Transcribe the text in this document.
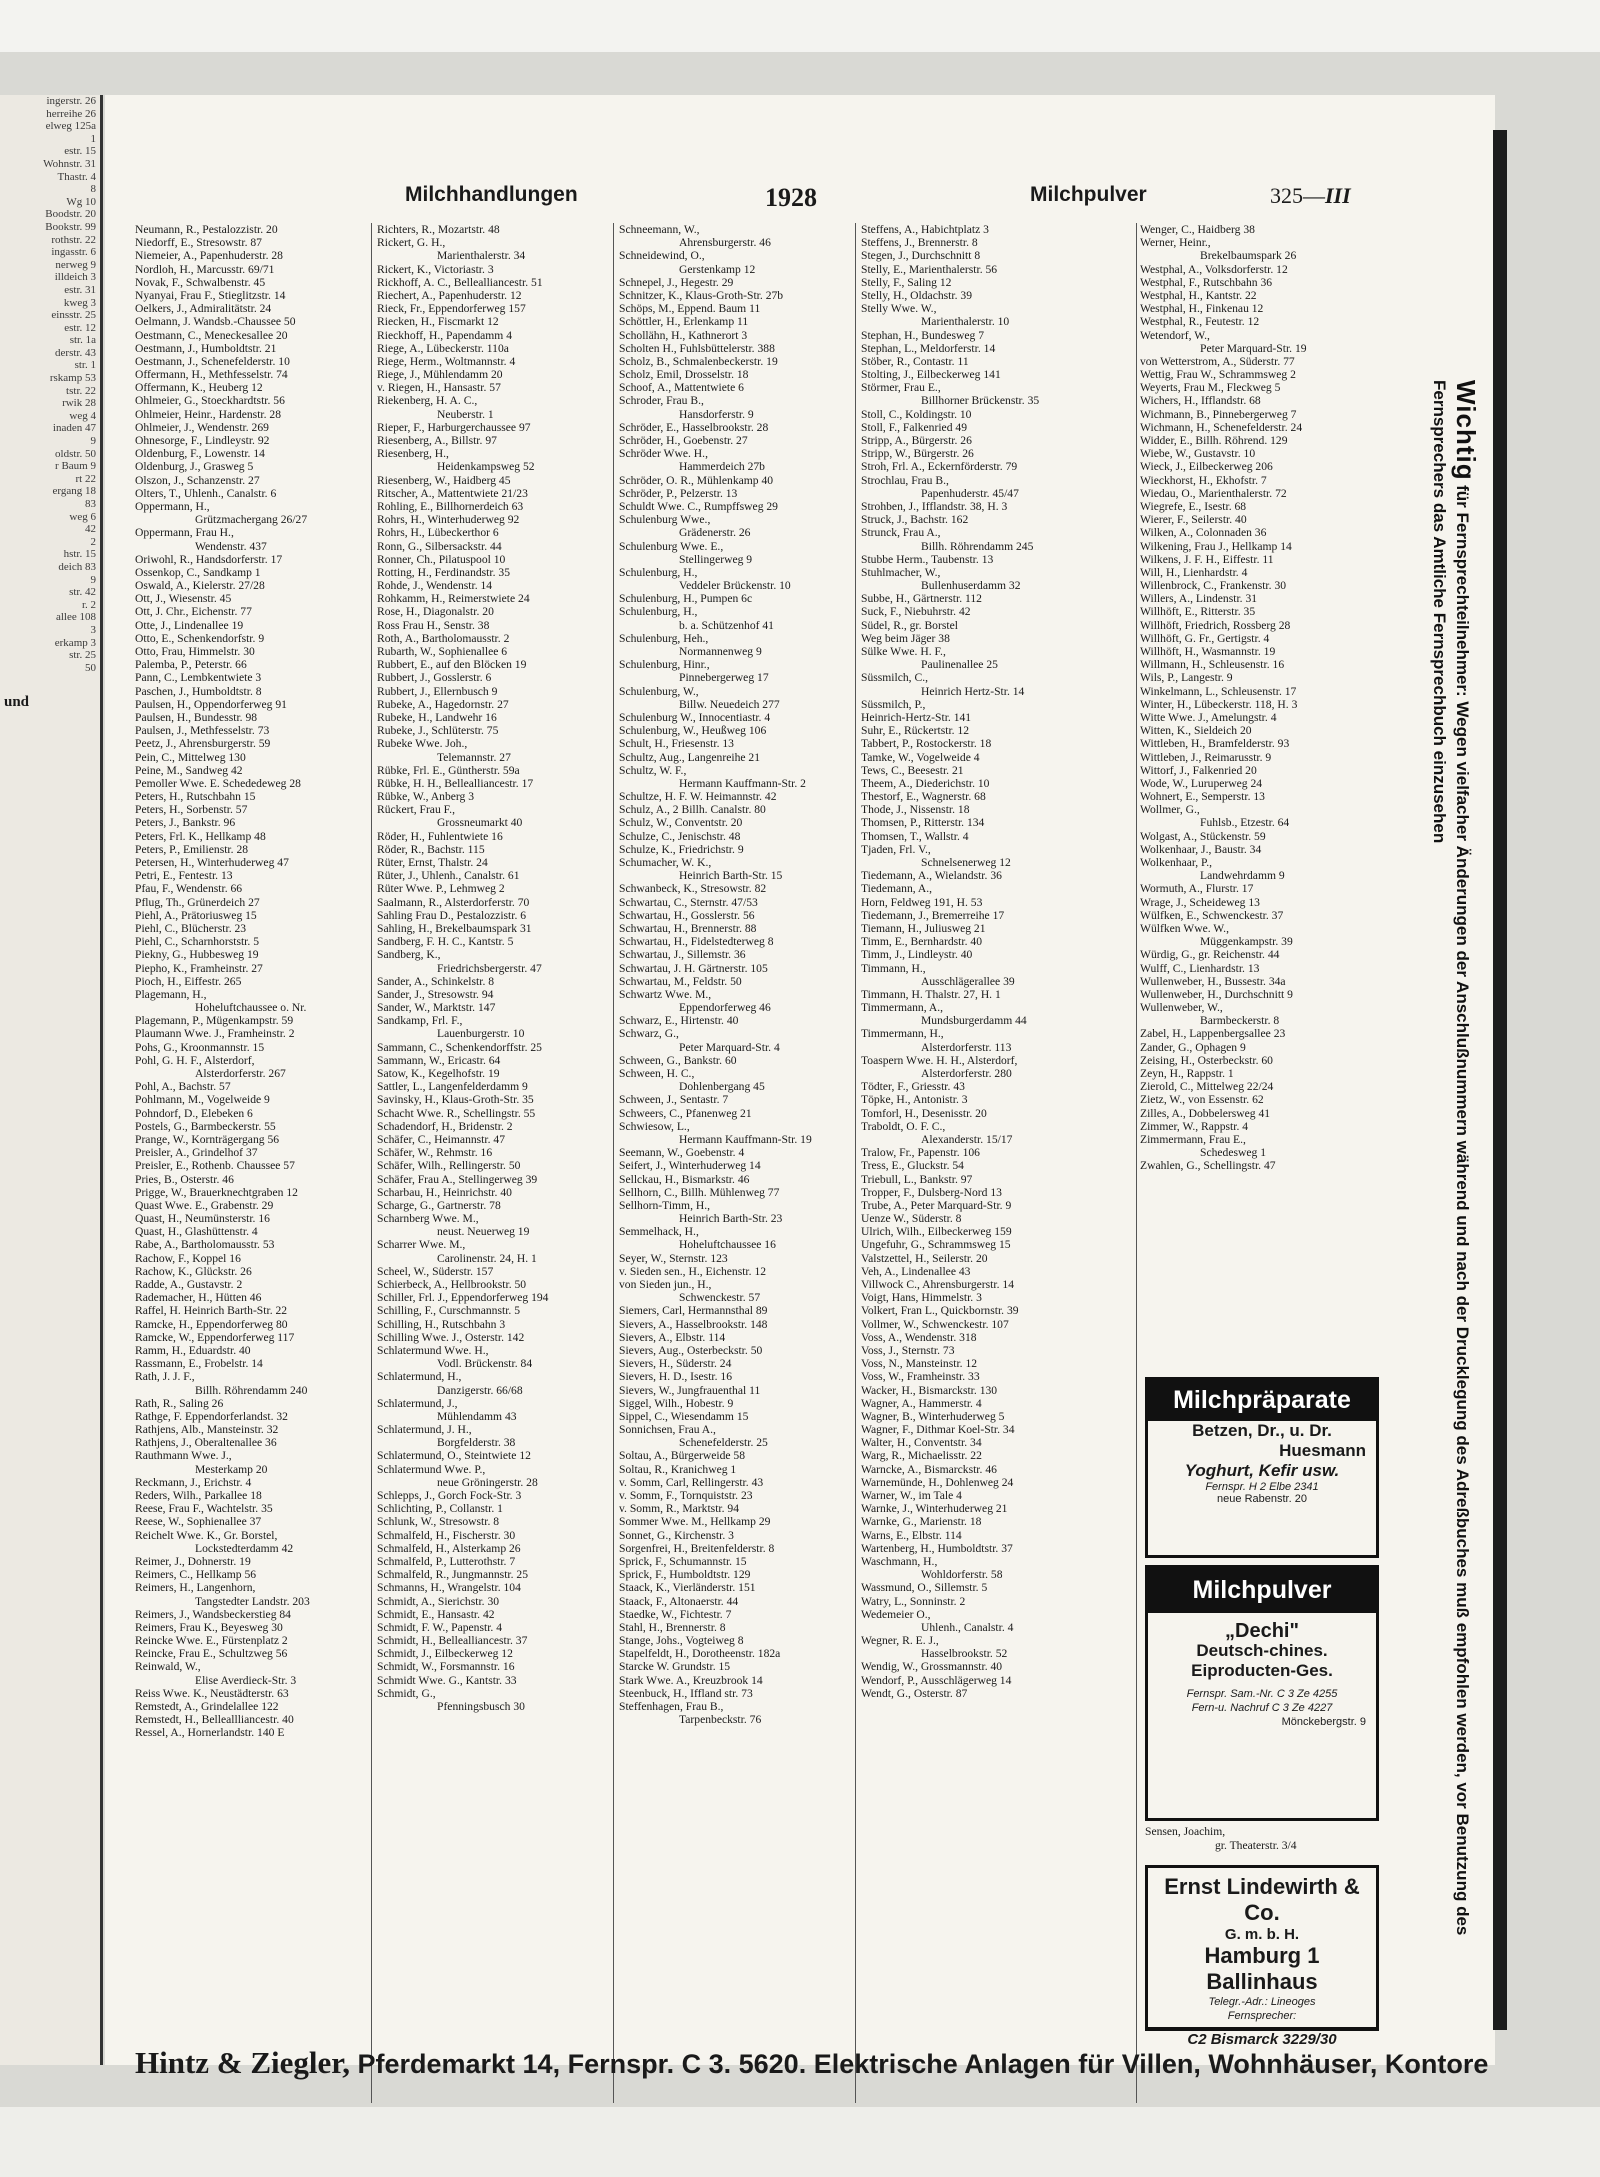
ingerstr. 26
herreihe 26
elweg 125a
1
estr. 15
Wohnstr. 31
Thastr. 4
8
Wg 10
Boodstr. 20
Bookstr. 99
rothstr. 22
ingasstr. 6
nerweg 9
illdeich 3
estr. 31
kweg 3
einsstr. 25
estr. 12
str. 1a
derstr. 43
str. 1
rskamp 53
tstr. 22
rwik 28
weg 4
inaden 47
9
oldstr. 50
r Baum 9
rt 22
ergang 18
83
weg 6
42
2
hstr. 15
deich 83
9
str. 42
r. 2
allee 108
3
erkamp 3
str. 25
50
und
Milchhandlungen	1928	Milchpulver	325—III
Neumann, R., Pestalozzistr. 20
Niedorff, E., Stresowstr. 87
Niemeier, A., Papenhuderstr. 28
Nordloh, H., Marcusstr. 69/71
Novak, F., Schwalbenstr. 45
Nyanyai, Frau F., Stieglitzstr. 14
Oelkers, J., Admiralitätstr. 24
Oelmann, J. Wandsb.-Chaussee 50
Oestmann, C., Meneckesallee 20
Oestmann, J., Humboldtstr. 21
Oestmann, J., Schenefelderstr. 10
Offermann, H., Methfesselstr. 74
Offermann, K., Heuberg 12
Ohlmeier, G., Stoeckhardtstr. 56
Ohlmeier, Heinr., Hardenstr. 28
Ohlmeier, J., Wendenstr. 269
Ohnesorge, F., Lindleystr. 92
Oldenburg, F., Lowenstr. 14
Oldenburg, J., Grasweg 5
Olszon, J., Schanzenstr. 27
Olters, T., Uhlenh., Canalstr. 6
Oppermann, H.,
Grützmachergang 26/27
Oppermann, Frau H.,
Wendenstr. 437
Oriwohl, R., Handsdorferstr. 17
Ossenkop, C., Sandkamp 1
Oswald, A., Kielerstr. 27/28
Ott, J., Wiesenstr. 45
Ott, J. Chr., Eichenstr. 77
Otte, J., Lindenallee 19
Otto, E., Schenkendorfstr. 9
Otto, Frau, Himmelstr. 30
Palemba, P., Peterstr. 66
Pann, C., Lembkentwiete 3
Paschen, J., Humboldtstr. 8
Paulsen, H., Oppendorferweg 91
Paulsen, H., Bundesstr. 98
Paulsen, J., Methfesselstr. 73
Peetz, J., Ahrensburgerstr. 59
Pein, C., Mittelweg 130
Peine, M., Sandweg 42
Pemoller Wwe. E. Schededeweg 28
Peters, H., Rutschbahn 15
Peters, H., Sorbenstr. 57
Peters, J., Bankstr. 96
Peters, Frl. K., Hellkamp 48
Peters, P., Emilienstr. 28
Petersen, H., Winterhuderweg 47
Petri, E., Fentestr. 13
Pfau, F., Wendenstr. 66
Pflug, Th., Grünerdeich 27
Piehl, A., Prätoriusweg 15
Piehl, C., Blücherstr. 23
Piehl, C., Scharnhorststr. 5
Piekny, G., Hubbesweg 19
Piepho, K., Framheinstr. 27
Pioch, H., Eiffestr. 265
Plagemann, H.,
Hoheluftchaussee o. Nr.
Plagemann, P., Mügenkampstr. 59
Plaumann Wwe. J., Framheinstr. 2
Pohs, G., Kroonmannstr. 15
Pohl, G. H. F., Alsterdorf,
Alsterdorferstr. 267
Pohl, A., Bachstr. 57
Pohlmann, M., Vogelweide 9
Pohndorf, D., Elebeken 6
Postels, G., Barmbeckerstr. 55
Prange, W., Kornträgergang 56
Preisler, A., Grindelhof 37
Preisler, E., Rothenb. Chaussee 57
Pries, B., Osterstr. 46
Prigge, W., Brauerknechtgraben 12
Quast Wwe. E., Grabenstr. 29
Quast, H., Neumünsterstr. 16
Quast, H., Glashüttenstr. 4
Rabe, A., Bartholomausstr. 53
Rachow, F., Koppel 16
Rachow, K., Glückstr. 26
Radde, A., Gustavstr. 2
Rademacher, H., Hütten 46
Raffel, H. Heinrich Barth-Str. 22
Ramcke, H., Eppendorferweg 80
Ramcke, W., Eppendorferweg 117
Ramm, H., Eduardstr. 40
Rassmann, E., Frobelstr. 14
Rath, J. J. F.,
Billh. Röhrendamm 240
Rath, R., Saling 26
Rathge, F. Eppendorferlandst. 32
Rathjens, Alb., Mansteinstr. 32
Rathjens, J., Oberaltenallee 36
Rauthmann Wwe. J.,
Mesterkamp 20
Reckmann, J., Erichstr. 4
Reders, Wilh., Parkallee 18
Reese, Frau F., Wachtelstr. 35
Reese, W., Sophienallee 37
Reichelt Wwe. K., Gr. Borstel,
Lockstedterdamm 42
Reimer, J., Dohnerstr. 19
Reimers, C., Hellkamp 56
Reimers, H., Langenhorn,
Tangstedter Landstr. 203
Reimers, J., Wandsbeckerstieg 84
Reimers, Frau K., Beyesweg 30
Reincke Wwe. E., Fürstenplatz 2
Reincke, Frau E., Schultzweg 56
Reinwald, W.,
Elise Averdieck-Str. 3
Reiss Wwe. K., Neustädterstr. 63
Remstedt, A., Grindelallee 122
Remstedt, H., Belleallliancestr. 40
Ressel, A., Hornerlandstr. 140 E
Richters, R., Mozartstr. 48
Rickert, G. H.,
Marienthalerstr. 34
Rickert, K., Victoriastr. 3
Rickhoff, A. C., Bellealliancestr. 51
Riechert, A., Papenhuderstr. 12
Rieck, Fr., Eppendorferweg 157
Riecken, H., Fiscmarkt 12
Rieckhoff, H., Papendamm 4
Riege, A., Lübeckerstr. 110a
Riege, Herm., Woltmannstr. 4
Riege, J., Mühlendamm 20
v. Riegen, H., Hansastr. 57
Riekenberg, H. A. C.,
Neuberstr. 1
Rieper, F., Harburgerchaussee 97
Riesenberg, A., Billstr. 97
Riesenberg, H.,
Heidenkampsweg 52
Riesenberg, W., Haidberg 45
Ritscher, A., Mattentwiete 21/23
Rohling, E., Billhornerdeich 63
Rohrs, H., Winterhuderweg 92
Rohrs, H., Lübeckerthor 6
Ronn, G., Silbersackstr. 44
Ronner, Ch., Pilatuspool 10
Rotting, H., Ferdinandstr. 35
Rohde, J., Wendenstr. 14
Rohkamm, H., Reimerstwiete 24
Rose, H., Diagonalstr. 20
Ross Frau H., Senstr. 38
Roth, A., Bartholomausstr. 2
Rubarth, W., Sophienallee 6
Rubbert, E., auf den Blöcken 19
Rubbert, J., Gosslerstr. 6
Rubbert, J., Ellernbusch 9
Rubeke, A., Hagedornstr. 27
Rubeke, H., Landwehr 16
Rubeke, J., Schlüterstr. 75
Rubeke Wwe. Joh.,
Telemannstr. 27
Rübke, Frl. E., Güntherstr. 59a
Rübke, H. H., Bellealliancestr. 17
Rübke, W., Anberg 3
Rückert, Frau F.,
Grossneumarkt 40
Röder, H., Fuhlentwiete 16
Röder, R., Bachstr. 115
Rüter, Ernst, Thalstr. 24
Rüter, J., Uhlenh., Canalstr. 61
Rüter Wwe. P., Lehmweg 2
Saalmann, R., Alsterdorferstr. 70
Sahling Frau D., Pestalozzistr. 6
Sahling, H., Brekelbaumspark 31
Sandberg, F. H. C., Kantstr. 5
Sandberg, K.,
Friedrichsbergerstr. 47
Sander, A., Schinkelstr. 8
Sander, J., Stresowstr. 94
Sander, W., Marktstr. 147
Sandkamp, Frl. F.,
Lauenburgerstr. 10
Sammann, C., Schenkendorffstr. 25
Sammann, W., Ericastr. 64
Satow, K., Kegelhofstr. 19
Sattler, L., Langenfelderdamm 9
Savinsky, H., Klaus-Groth-Str. 35
Schacht Wwe. R., Schellingstr. 55
Schadendorf, H., Bridenstr. 2
Schäfer, C., Heimannstr. 47
Schäfer, W., Rehmstr. 16
Schäfer, Wilh., Rellingerstr. 50
Schäfer, Frau A., Stellingerweg 39
Scharbau, H., Heinrichstr. 40
Scharge, G., Gartnerstr. 78
Scharnberg Wwe. M.,
neust. Neuerweg 19
Scharrer Wwe. M.,
Carolinenstr. 24, H. 1
Scheel, W., Süderstr. 157
Schierbeck, A., Hellbrookstr. 50
Schiller, Frl. J., Eppendorferweg 194
Schilling, F., Curschmannstr. 5
Schilling, H., Rutschbahn 3
Schilling Wwe. J., Osterstr. 142
Schlatermund Wwe. H.,
Vodl. Brückenstr. 84
Schlatermund, H.,
Danzigerstr. 66/68
Schlatermund, J.,
Mühlendamm 43
Schlatermund, J. H.,
Borgfelderstr. 38
Schlatermund, O., Steintwiete 12
Schlatermund Wwe. P.,
neue Gröningerstr. 28
Schlepps, J., Gorch Fock-Str. 3
Schlichting, P., Collanstr. 1
Schlunk, W., Stresowstr. 8
Schmalfeld, H., Fischerstr. 30
Schmalfeld, H., Alsterkamp 26
Schmalfeld, P., Lutterothstr. 7
Schmalfeld, R., Jungmannstr. 25
Schmanns, H., Wrangelstr. 104
Schmidt, A., Sierichstr. 30
Schmidt, E., Hansastr. 42
Schmidt, F. W., Papenstr. 4
Schmidt, H., Bellealliancestr. 37
Schmidt, J., Eilbeckerweg 12
Schmidt, W., Forsmannstr. 16
Schmidt Wwe. G., Kantstr. 33
Schmidt, G.,
Pfenningsbusch 30
Schneemann, W.,
Ahrensburgerstr. 46
Schneidewind, O.,
Gerstenkamp 12
Schnepel, J., Hegestr. 29
Schnitzer, K., Klaus-Groth-Str. 27b
Schöps, M., Eppend. Baum 11
Schöttler, H., Erlenkamp 11
Schollähn, H., Kathnerort 3
Scholten H., Fuhlsbüttelerstr. 388
Scholz, B., Schmalenbeckerstr. 19
Scholz, Emil, Drosselstr. 18
Schoof, A., Mattentwiete 6
Schroder, Frau B.,
Hansdorferstr. 9
Schröder, E., Hasselbrookstr. 28
Schröder, H., Goebenstr. 27
Schröder Wwe. H.,
Hammerdeich 27b
Schröder, O. R., Mühlenkamp 40
Schröder, P., Pelzerstr. 13
Schuldt Wwe. C., Rumpffsweg 29
Schulenburg Wwe.,
Grädenerstr. 26
Schulenburg Wwe. E.,
Stellingerweg 9
Schulenburg, H.,
Veddeler Brückenstr. 10
Schulenburg, H., Pumpen 6c
Schulenburg, H.,
b. a. Schützenhof 41
Schulenburg, Heh.,
Normannenweg 9
Schulenburg, Hinr.,
Pinnebergerweg 17
Schulenburg, W.,
Billw. Neuedeich 277
Schulenburg W., Innocentiastr. 4
Schulenburg, W., Heußweg 106
Schult, H., Friesenstr. 13
Schultz, Aug., Langenreihe 21
Schultz, W. F.,
Hermann Kauffmann-Str. 2
Schultze, H. F. W. Heimannstr. 42
Schulz, A., 2 Billh. Canalstr. 80
Schulz, W., Conventstr. 20
Schulze, C., Jenischstr. 48
Schulze, K., Friedrichstr. 9
Schumacher, W. K.,
Heinrich Barth-Str. 15
Schwanbeck, K., Stresowstr. 82
Schwartau, C., Sternstr. 47/53
Schwartau, H., Gosslerstr. 56
Schwartau, H., Brennerstr. 88
Schwartau, H., Fidelstedterweg 8
Schwartau, J., Sillemstr. 36
Schwartau, J. H. Gärtnerstr. 105
Schwartau, M., Feldstr. 50
Schwartz Wwe. M.,
Eppendorferweg 46
Schwarz, E., Hirtenstr. 40
Schwarz, G.,
Peter Marquard-Str. 4
Schween, G., Bankstr. 60
Schween, H. C.,
Dohlenbergang 45
Schween, J., Sentastr. 7
Schweers, C., Pfanenweg 21
Schwiesow, L.,
Hermann Kauffmann-Str. 19
Seemann, W., Goebenstr. 4
Seifert, J., Winterhuderweg 14
Sellckau, H., Bismarkstr. 46
Sellhorn, C., Billh. Mühlenweg 77
Sellhorn-Timm, H.,
Heinrich Barth-Str. 23
Semmelhack, H.,
Hoheluftchaussee 16
Seyer, W., Sternstr. 123
v. Sieden sen., H., Eichenstr. 12
von Sieden jun., H.,
Schwenckestr. 57
Siemers, Carl, Hermannsthal 89
Sievers, A., Hasselbrookstr. 148
Sievers, A., Elbstr. 114
Sievers, Aug., Osterbeckstr. 50
Sievers, H., Süderstr. 24
Sievers, H. D., Isestr. 16
Sievers, W., Jungfrauenthal 11
Siggel, Wilh., Hobestr. 9
Sippel, C., Wiesendamm 15
Sonnichsen, Frau A.,
Schenefelderstr. 25
Soltau, A., Bürgerweide 58
Soltau, R., Kranichweg 1
v. Somm, Carl, Rellingerstr. 43
v. Somm, F., Tornquiststr. 23
v. Somm, R., Marktstr. 94
Sommer Wwe. M., Hellkamp 29
Sonnet, G., Kirchenstr. 3
Sorgenfrei, H., Breitenfelderstr. 8
Sprick, F., Schumannstr. 15
Sprick, F., Humboldtstr. 129
Staack, K., Vierländerstr. 151
Staack, F., Altonaerstr. 44
Staedke, W., Fichtestr. 7
Stahl, H., Brennerstr. 8
Stange, Johs., Vogteiweg 8
Stapelfeldt, H., Dorotheenstr. 182a
Starcke W. Grundstr. 15
Stark Wwe. A., Kreuzbrook 14
Steenbuck, H., Iffland str. 73
Steffenhagen, Frau B.,
Tarpenbeckstr. 76
Steffens, A., Habichtplatz 3
Steffens, J., Brennerstr. 8
Stegen, J., Durchschnitt 8
Stelly, E., Marienthalerstr. 56
Stelly, F., Saling 12
Stelly, H., Oldachstr. 39
Stelly Wwe. W.,
Marienthalerstr. 10
Stephan, H., Bundesweg 7
Stephan, L., Meldorferstr. 14
Stöber, R., Contastr. 11
Stolting, J., Eilbeckerweg 141
Störmer, Frau E.,
Billhorner Brückenstr. 35
Stoll, C., Koldingstr. 10
Stoll, F., Falkenried 49
Stripp, A., Bürgerstr. 26
Stripp, W., Bürgerstr. 26
Stroh, Frl. A., Eckernförderstr. 79
Strochlau, Frau B.,
Papenhuderstr. 45/47
Strohben, J., Ifflandstr. 38, H. 3
Struck, J., Bachstr. 162
Strunck, Frau A.,
Billh. Röhrendamm 245
Stubbe Herm., Taubenstr. 13
Stuhlmacher, W.,
Bullenhuserdamm 32
Subbe, H., Gärtnerstr. 112
Suck, F., Niebuhrstr. 42
Südel, R., gr. Borstel
Weg beim Jäger 38
Sülke Wwe. H. F.,
Paulinenallee 25
Süssmilch, C.,
Heinrich Hertz-Str. 14
Süssmilch, P.,
Heinrich-Hertz-Str. 141
Suhr, E., Rückertstr. 12
Tabbert, P., Rostockerstr. 18
Tamke, W., Vogelweide 4
Tews, C., Beesestr. 21
Theem, A., Diederichstr. 10
Thestorf, E., Wagnerstr. 68
Thode, J., Nissenstr. 18
Thomsen, P., Ritterstr. 134
Thomsen, T., Wallstr. 4
Tjaden, Frl. V.,
Schnelsenerweg 12
Tiedemann, A., Wielandstr. 36
Tiedemann, A.,
Horn, Feldweg 191, H. 53
Tiedemann, J., Bremerreihe 17
Tiemann, H., Juliusweg 21
Timm, E., Bernhardstr. 40
Timm, J., Lindleystr. 40
Timmann, H.,
Ausschlägerallee 39
Timmann, H. Thalstr. 27, H. 1
Timmermann, A.,
Mundsburgerdamm 44
Timmermann, H.,
Alsterdorferstr. 113
Toaspern Wwe. H. H., Alsterdorf,
Alsterdorferstr. 280
Tödter, F., Griesstr. 43
Töpke, H., Antonistr. 3
Tomforl, H., Desenisstr. 20
Traboldt, O. F. C.,
Alexanderstr. 15/17
Tralow, Fr., Papenstr. 106
Tress, E., Gluckstr. 54
Triebull, L., Bankstr. 97
Tropper, F., Dulsberg-Nord 13
Trube, A., Peter Marquard-Str. 9
Uenze W., Süderstr. 8
Ulrich, Wilh., Eilbeckerweg 159
Ungefuhr, G., Schrammsweg 15
Valstzettel, H., Seilerstr. 20
Veh, A., Lindenallee 43
Villwock C., Ahrensburgerstr. 14
Voigt, Hans, Himmelstr. 3
Volkert, Fran L., Quickbornstr. 39
Vollmer, W., Schwenckestr. 107
Voss, A., Wendenstr. 318
Voss, J., Sternstr. 73
Voss, N., Mansteinstr. 12
Voss, W., Framheinstr. 33
Wacker, H., Bismarckstr. 130
Wagner, A., Hammerstr. 4
Wagner, B., Winterhuderweg 5
Wagner, F., Dithmar Koel-Str. 34
Walter, H., Conventstr. 34
Warg, R., Michaelisstr. 22
Warncke, A., Bismarckstr. 46
Warnemünde, H., Dohlenweg 24
Warner, W., im Tale 4
Warnke, J., Winterhuderweg 21
Warnke, G., Marienstr. 18
Warns, E., Elbstr. 114
Wartenberg, H., Humboldtstr. 37
Waschmann, H.,
Wohldorferstr. 58
Wassmund, O., Sillemstr. 5
Watry, L., Sonninstr. 2
Wedemeier O.,
Uhlenh., Canalstr. 4
Wegner, R. E. J.,
Hasselbrookstr. 52
Wendig, W., Grossmannstr. 40
Wendorf, P., Ausschlägerweg 14
Wendt, G., Osterstr. 87
Wenger, C., Haidberg 38
Werner, Heinr.,
Brekelbaumspark 26
Westphal, A., Volksdorferstr. 12
Westphal, F., Rutschbahn 36
Westphal, H., Kantstr. 22
Westphal, H., Finkenau 12
Westphal, R., Feutestr. 12
Wetendorf, W.,
Peter Marquard-Str. 19
von Wetterstrom, A., Süderstr. 77
Wettig, Frau W., Schrammsweg 2
Weyerts, Frau M., Fleckweg 5
Wichers, H., Ifflandstr. 68
Wichmann, B., Pinnebergerweg 7
Wichmann, H., Schenefelderstr. 24
Widder, E., Billh. Röhrend. 129
Wiebe, W., Gustavstr. 10
Wieck, J., Eilbeckerweg 206
Wieckhorst, H., Ekhofstr. 7
Wiedau, O., Marienthalerstr. 72
Wiegrefe, E., Isestr. 68
Wierer, F., Seilerstr. 40
Wilken, A., Colonnaden 36
Wilkening, Frau J., Hellkamp 14
Wilkens, J. F. H., Eiffestr. 11
Will, H., Lienhardstr. 4
Willenbrock, C., Frankenstr. 30
Willers, A., Lindenstr. 31
Willhöft, E., Ritterstr. 35
Willhöft, Friedrich, Rossberg 28
Willhöft, G. Fr., Gertigstr. 4
Willhöft, H., Wasmannstr. 19
Willmann, H., Schleusenstr. 16
Wils, P., Langestr. 9
Winkelmann, L., Schleusenstr. 17
Winter, H., Lübeckerstr. 118, H. 3
Witte Wwe. J., Amelungstr. 4
Witten, K., Sieldeich 20
Wittleben, H., Bramfelderstr. 93
Wittleben, J., Reimarusstr. 9
Wittorf, J., Falkenried 20
Wode, W., Luruperweg 24
Wohnert, E., Semperstr. 13
Wollmer, G.,
Fuhlsb., Etzestr. 64
Wolgast, A., Stückenstr. 59
Wolkenhaar, J., Baustr. 34
Wolkenhaar, P.,
Landwehrdamm 9
Wormuth, A., Flurstr. 17
Wrage, J., Scheideweg 13
Wülfken, E., Schwenckestr. 37
Wülfken Wwe. W.,
Müggenkampstr. 39
Würdig, G., gr. Reichenstr. 44
Wulff, C., Lienhardstr. 13
Wullenweber, H., Bussestr. 34a
Wullenweber, H., Durchschnitt 9
Wullenweber, W.,
Barmbeckerstr. 8
Zabel, H., Lappenbergsallee 23
Zander, G., Ophagen 9
Zeising, H., Osterbeckstr. 60
Zeyn, H., Rappstr. 1
Zierold, C., Mittelweg 22/24
Zietz, W., von Essenstr. 62
Zilles, A., Dobbelersweg 41
Zimmer, W., Rappstr. 4
Zimmermann, Frau E.,
Schedesweg 1
Zwahlen, G., Schellingstr. 47
Wichtig für Fernsprechteilnehmer: Wegen vielfacher Änderungen der Anschlußnummern während und nach der Drucklegung des Adreßbuches muß empfohlen werden, vor Benutzung des Fernsprechers das Amtliche Fernsprechbuch einzusehen
Milchpräparate
Betzen, Dr., u. Dr.
Huesmann
Yoghurt, Kefir usw.
Fernspr. H 2 Elbe 2341
neue Rabenstr. 20
Milchpulver
„Dechi"
Deutsch-chines.
Eiproducten-Ges.
Fernspr. Sam.-Nr. C 3 Ze 4255
Fern-u. Nachruf C 3 Ze 4227
Mönckebergstr. 9
Sensen, Joachim,
gr. Theaterstr. 3/4
Ernst Lindewirth & Co.
G. m. b. H.
Hamburg 1
Ballinhaus
Telegr.-Adr.: Lineoges
Fernsprecher:
C2 Bismarck 3229/30
Hintz & Ziegler, Pferdemarkt 14, Fernspr. C 3. 5620. Elektrische Anlagen für Villen, Wohnhäuser, Kontore
